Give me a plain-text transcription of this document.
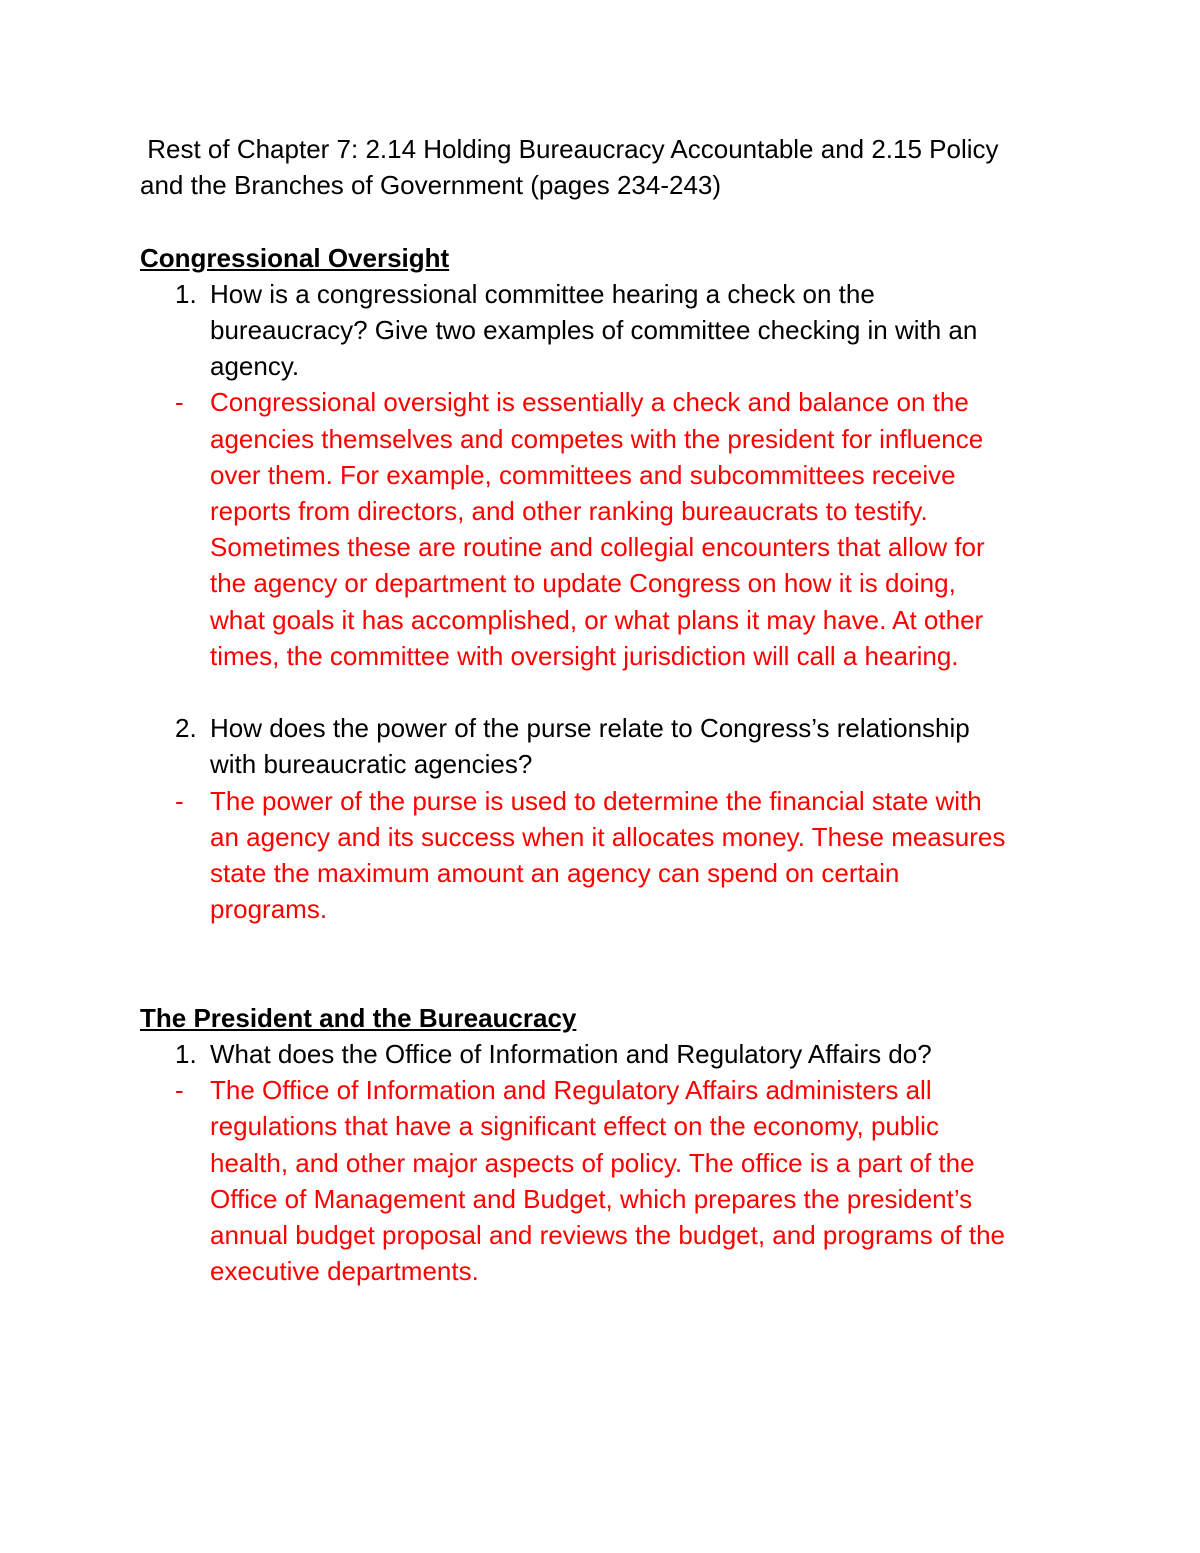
Rest of Chapter 7: 2.14 Holding Bureaucracy Accountable and 2.15 Policy
and the Branches of Government (pages 234-243)
Congressional Oversight
1. How is a congressional committee hearing a check on the
bureaucracy? Give two examples of committee checking in with an
agency.
-	Congressional oversight is essentially a check and balance on the
agencies themselves and competes with the president for influence
over them. For example, committees and subcommittees receive
reports from directors, and other ranking bureaucrats to testify.
Sometimes these are routine and collegial encounters that allow for
the agency or department to update Congress on how it is doing,
what goals it has accomplished, or what plans it may have. At other
times, the committee with oversight jurisdiction will call a hearing.
2. How does the power of the purse relate to Congress’s relationship
with bureaucratic agencies?
-	The power of the purse is used to determine the financial state with
an agency and its success when it allocates money. These measures
state the maximum amount an agency can spend on certain
programs.
The President and the Bureaucracy
1. What does the Office of Information and Regulatory Affairs do?
-	The Office of Information and Regulatory Affairs administers all
regulations that have a significant effect on the economy, public
health, and other major aspects of policy. The office is a part of the
Office of Management and Budget, which prepares the president’s
annual budget proposal and reviews the budget, and programs of the
executive departments.
